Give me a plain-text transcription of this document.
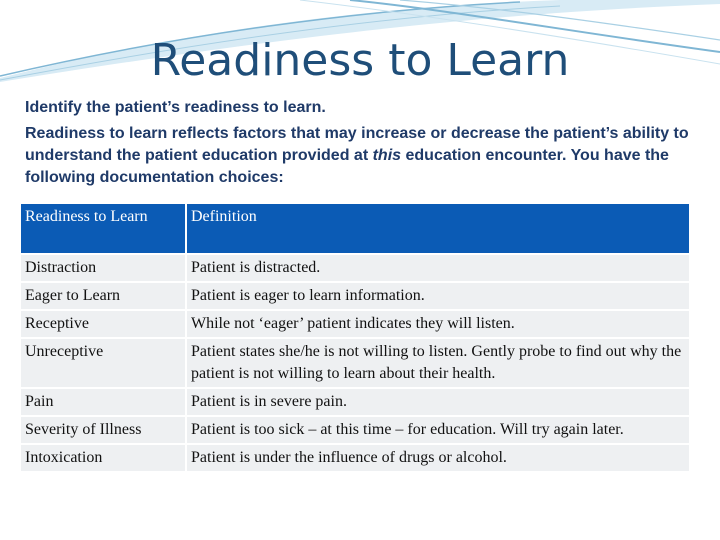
Readiness to Learn

Identify the patient’s readiness to learn.

Readiness to learn reflects factors that may increase or decrease the patient’s ability to understand the patient education provided at this education encounter. You have the following documentation choices:

Readiness to Learn	Definition
Distraction	Patient is distracted.
Eager to Learn	Patient is eager to learn information.
Receptive	While not ‘eager’ patient indicates they will listen.
Unreceptive	Patient states she/he is not willing to listen. Gently probe to find out why the patient is not willing to learn about their health.
Pain	Patient is in severe pain.
Severity of Illness	Patient is too sick – at this time – for education. Will try again later.
Intoxication	Patient is under the influence of drugs or alcohol.
